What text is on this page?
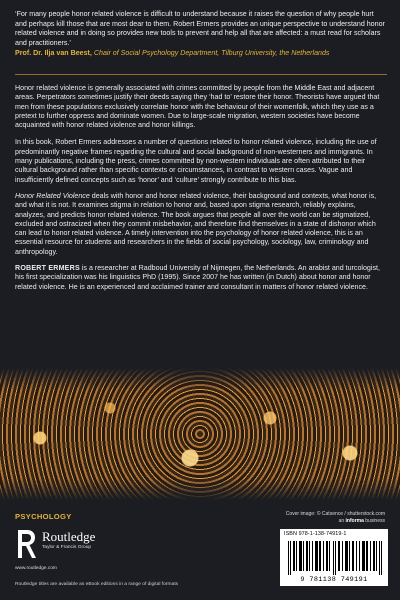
‘For many people honor related violence is difficult to understand because it raises the question of why people hurt and perhaps kill those that are most dear to them. Robert Ermers provides an unique perspective to understand honor related violence and in doing so provides new tools to prevent and help all that are affected: a must read for scholars and practitioners.’
Prof. Dr. Ilja van Beest, Chair of Social Psychology Department, Tilburg University, the Netherlands

Honor related violence is generally associated with crimes committed by people from the Middle East and adjacent areas. Perpetrators sometimes justify their deeds saying they ‘had to’ restore their honor. Theorists have argued that men from these populations exclusively correlate honor with the behaviour of their womenfolk, which they use as a pretext to further oppress and dominate women. Due to large-scale migration, western societies have become acquainted with honor related violence and honor killings.

In this book, Robert Ermers addresses a number of questions related to honor related violence, including the use of predominantly negative frames regarding the cultural and social background of non-westerners and immigrants. In many publications, including the press, crimes committed by non-western individuals are often attributed to their cultural background rather than specific contexts or circumstances, in contrast to western cases. Vague and insufficiently defined concepts such as ‘honor’ and ‘culture’ strongly contribute to this bias.

Honor Related Violence deals with honor and honor related violence, their background and contexts, what honor is, and what it is not. It examines stigma in relation to honor and, based upon stigma research, reliably explains, analyzes, and predicts honor related violence. The book argues that people all over the world can be stigmatized, excluded and ostracized when they commit misbehavior, and therefore find themselves in a state of dishonor which can lead to honor related violence. A timely intervention into the psychology of honor related violence, this is an essential resource for students and researchers in the fields of social psychology, sociology, law, criminology and anthropology.

ROBERT ERMERS is a researcher at Radboud University of Nijmegen, the Netherlands. An arabist and turcologist, his first specialization was his linguistics PhD (1995). Since 2007 he has written (in Dutch) about honor and honor related violence. He is an experienced and acclaimed trainer and consultant in matters of honor related violence.

PSYCHOLOGY	Cover image: © Catsence / shutterstock.com
an informa business
Routledge
Taylor & Francis Group
www.routledge.com
Routledge titles are available as eBook editions in a range of digital formats
ISBN 978-1-138-74919-1
9 781138 749191
